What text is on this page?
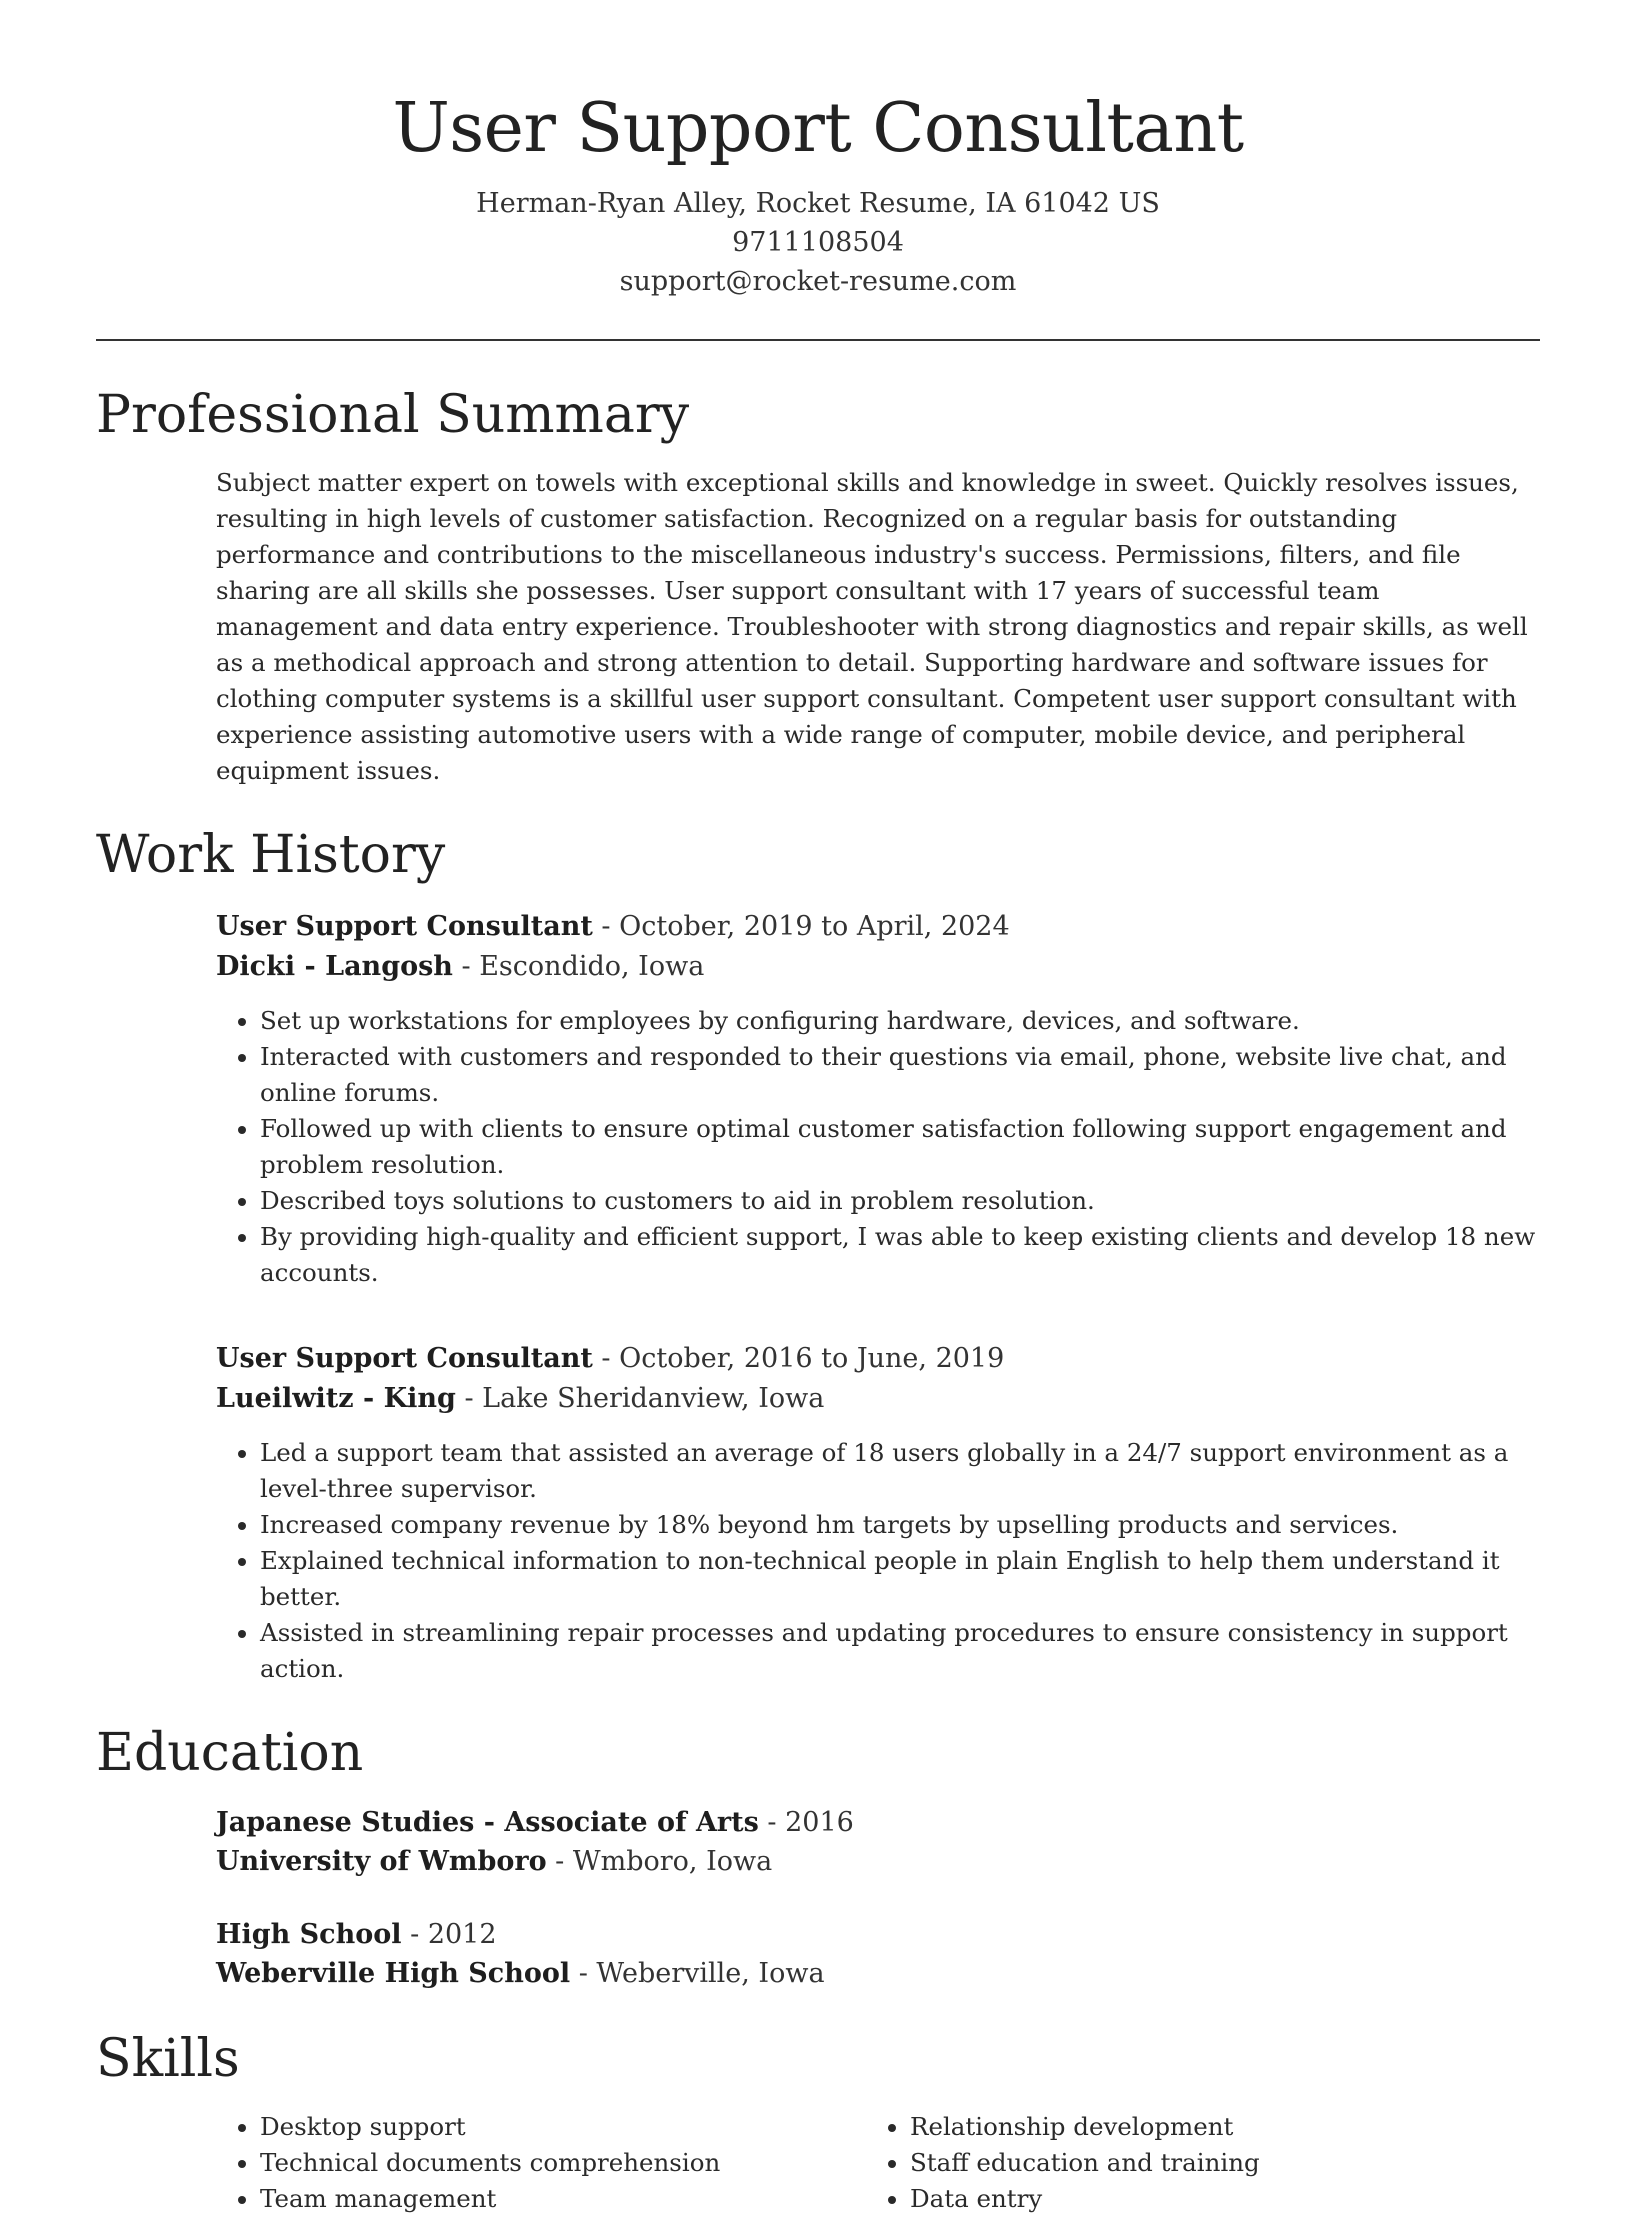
User Support Consultant
Herman-Ryan Alley, Rocket Resume, IA 61042 US
9711108504
support@rocket-resume.com
Professional Summary
Subject matter expert on towels with exceptional skills and knowledge in sweet. Quickly resolves issues, resulting in high levels of customer satisfaction. Recognized on a regular basis for outstanding performance and contributions to the miscellaneous industry's success. Permissions, filters, and file sharing are all skills she possesses. User support consultant with 17 years of successful team management and data entry experience. Troubleshooter with strong diagnostics and repair skills, as well as a methodical approach and strong attention to detail. Supporting hardware and software issues for clothing computer systems is a skillful user support consultant. Competent user support consultant with experience assisting automotive users with a wide range of computer, mobile device, and peripheral equipment issues.
Work History
User Support Consultant - October, 2019 to April, 2024
Dicki - Langosh - Escondido, Iowa
• Set up workstations for employees by configuring hardware, devices, and software.
• Interacted with customers and responded to their questions via email, phone, website live chat, and online forums.
• Followed up with clients to ensure optimal customer satisfaction following support engagement and problem resolution.
• Described toys solutions to customers to aid in problem resolution.
• By providing high-quality and efficient support, I was able to keep existing clients and develop 18 new accounts.
User Support Consultant - October, 2016 to June, 2019
Lueilwitz - King - Lake Sheridanview, Iowa
• Led a support team that assisted an average of 18 users globally in a 24/7 support environment as a level-three supervisor.
• Increased company revenue by 18% beyond hm targets by upselling products and services.
• Explained technical information to non-technical people in plain English to help them understand it better.
• Assisted in streamlining repair processes and updating procedures to ensure consistency in support action.
Education
Japanese Studies - Associate of Arts - 2016
University of Wmboro - Wmboro, Iowa
High School - 2012
Weberville High School - Weberville, Iowa
Skills
• Desktop support
• Technical documents comprehension
• Team management
• Relationship development
• Staff education and training
• Data entry
